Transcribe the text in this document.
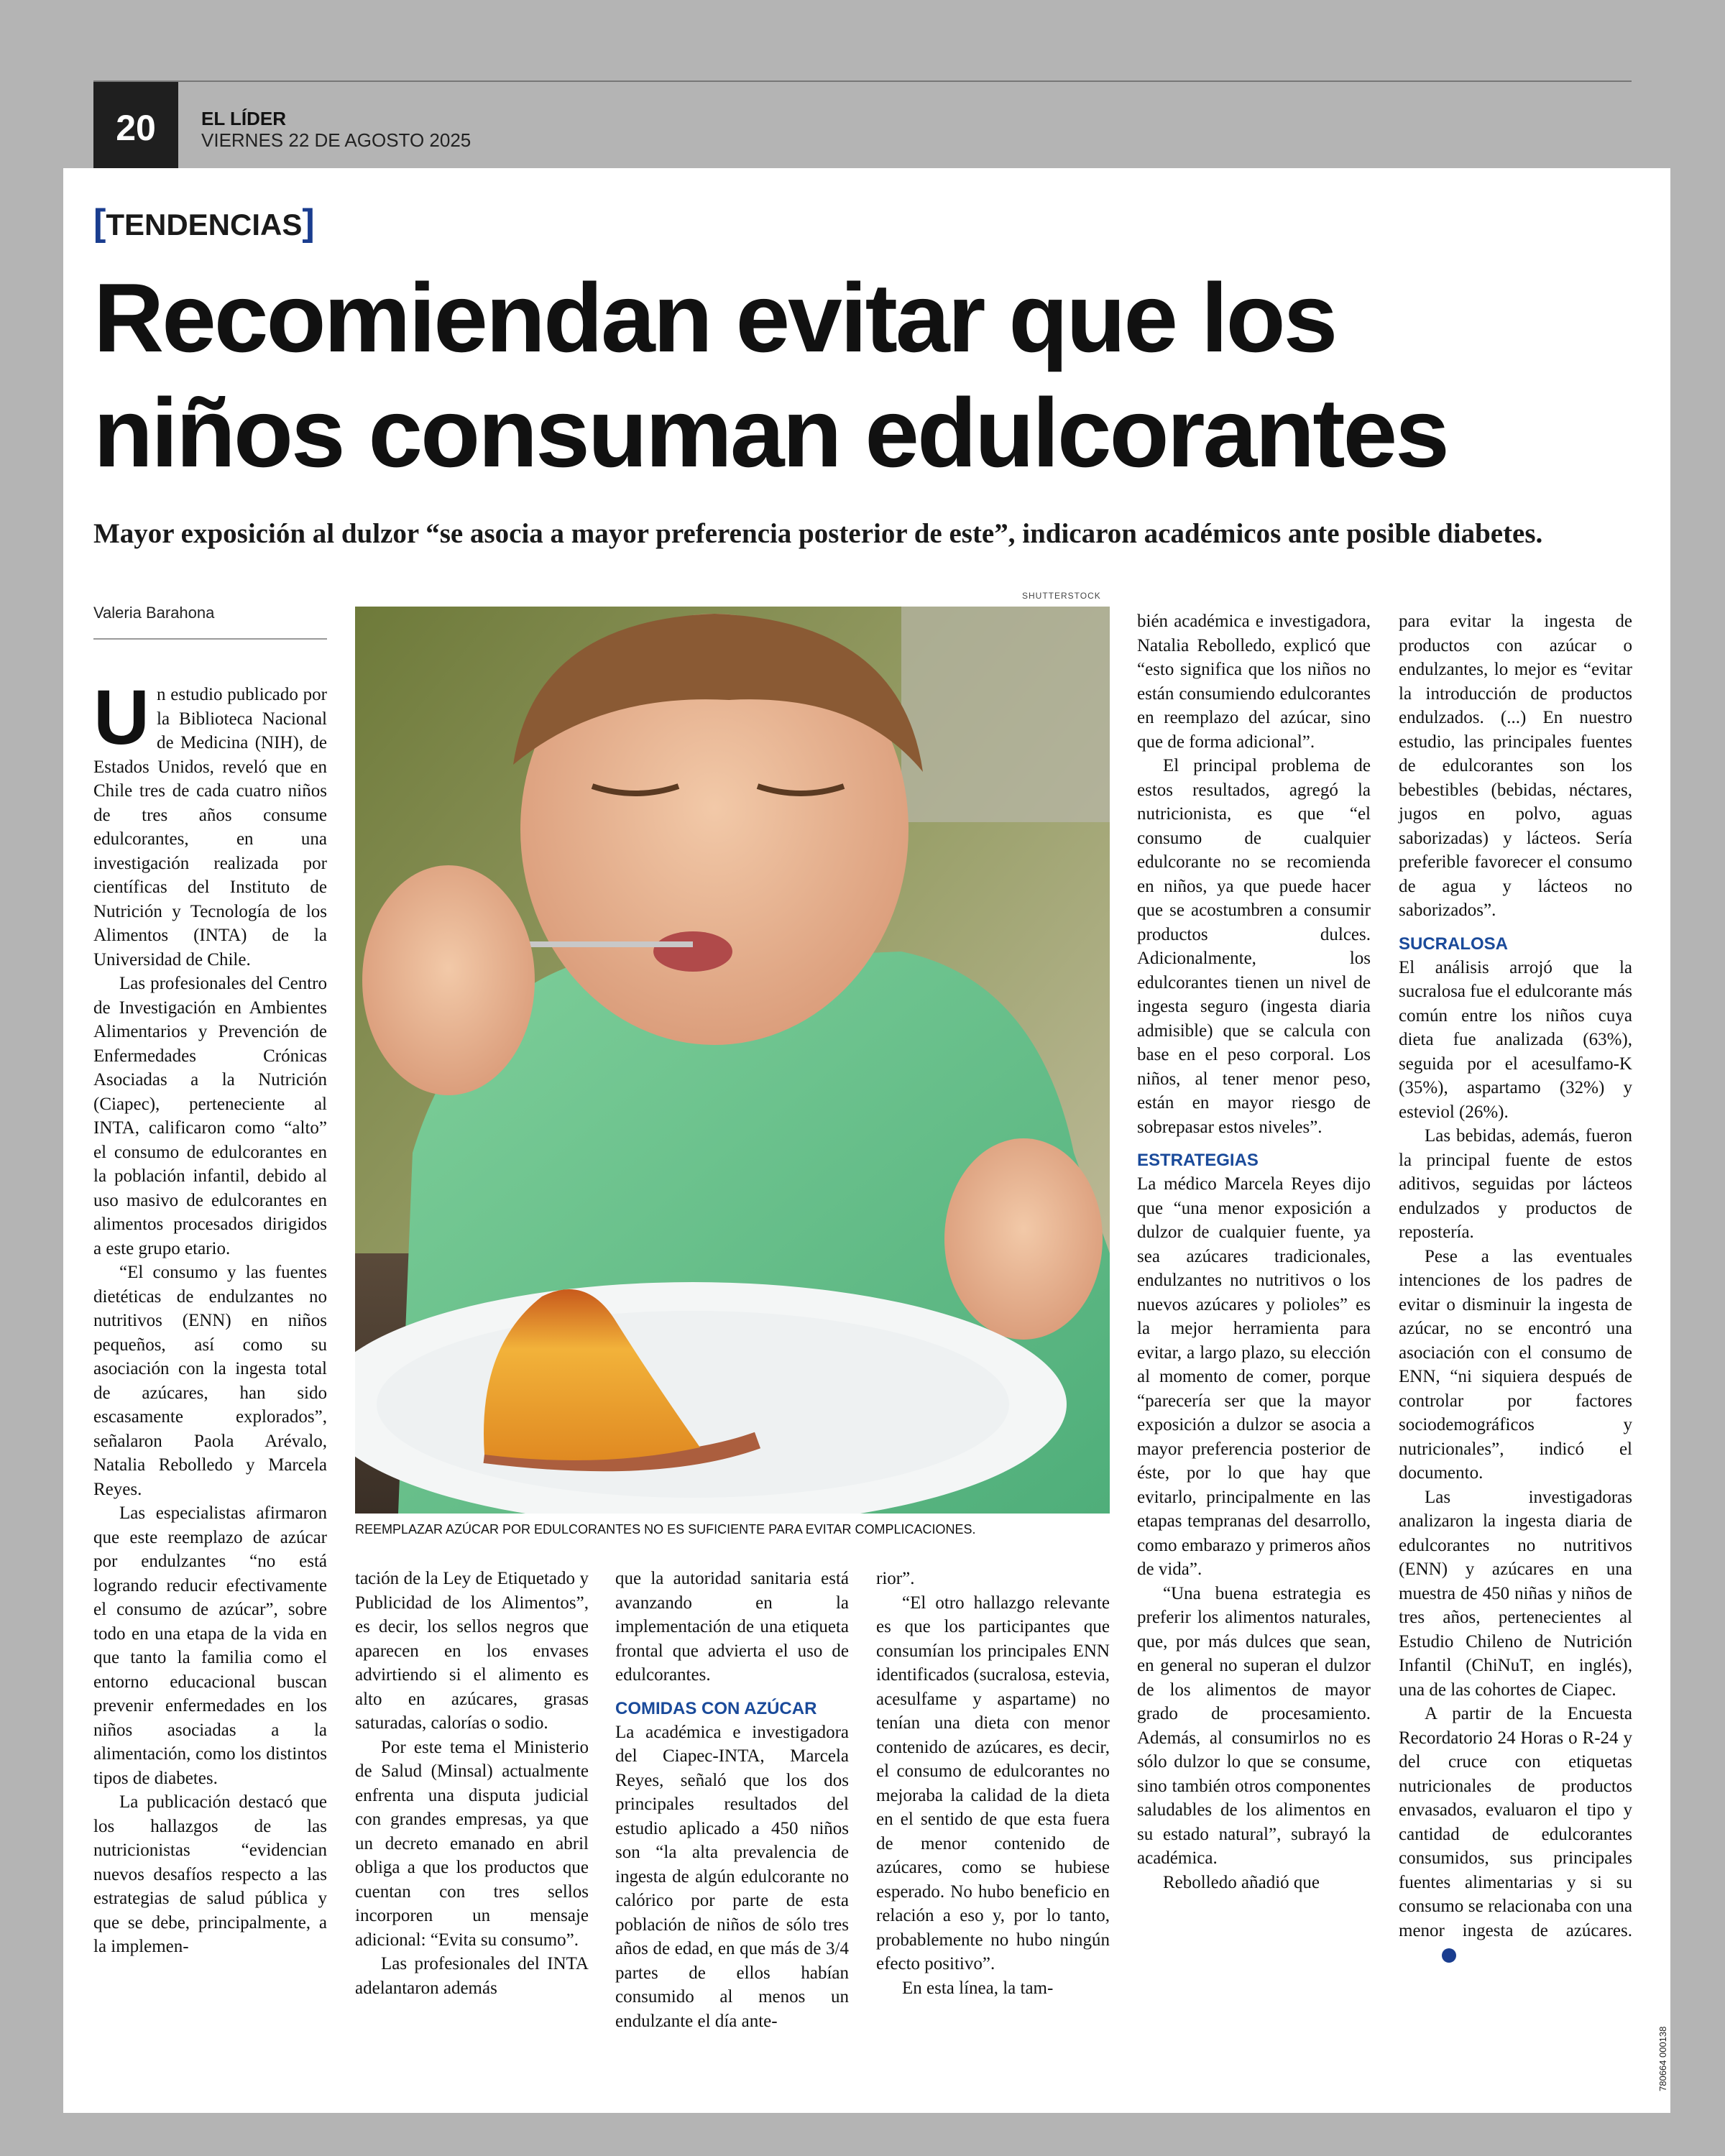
20	EL LÍDER
VIERNES 22 DE AGOSTO 2025
[TENDENCIAS]
Recomiendan evitar que los
niños consuman edulcorantes
Mayor exposición al dulzor “se asocia a mayor preferencia posterior de este”, indicaron académicos ante posible diabetes.
Valeria Barahona
SHUTTERSTOCK
REEMPLAZAR AZÚCAR POR EDULCORANTES NO ES SUFICIENTE PARA EVITAR COMPLICACIONES.

Un estudio publicado por la Biblioteca Nacional de Medicina (NIH), de Estados Unidos, reveló que en Chile tres de cada cuatro niños de tres años consume edulcorantes, en una investigación realizada por científicas del Instituto de Nutrición y Tecnología de los Alimentos (INTA) de la Universidad de Chile.

Las profesionales del Centro de Investigación en Ambientes Alimentarios y Prevención de Enfermedades Crónicas Asociadas a la Nutrición (Ciapec), perteneciente al INTA, calificaron como “alto” el consumo de edulcorantes en la población infantil, debido al uso masivo de edulcorantes en alimentos procesados dirigidos a este grupo etario.

“El consumo y las fuentes dietéticas de endulzantes no nutritivos (ENN) en niños pequeños, así como su asociación con la ingesta total de azúcares, han sido escasamente explorados”, señalaron Paola Arévalo, Natalia Rebolledo y Marcela Reyes.

Las especialistas afirmaron que este reemplazo de azúcar por endulzantes “no está logrando reducir efectivamente el consumo de azúcar”, sobre todo en una etapa de la vida en que tanto la familia como el entorno educacional buscan prevenir enfermedades en los niños asociadas a la alimentación, como los distintos tipos de diabetes.

La publicación destacó que los hallazgos de las nutricionistas “evidencian nuevos desafíos respecto a las estrategias de salud pública y que se debe, principalmente, a la implemen-

tación de la Ley de Etiquetado y Publicidad de los Alimentos”, es decir, los sellos negros que aparecen en los envases advirtiendo si el alimento es alto en azúcares, grasas saturadas, calorías o sodio.

Por este tema el Ministerio de Salud (Minsal) actualmente enfrenta una disputa judicial con grandes empresas, ya que un decreto emanado en abril obliga a que los productos que cuentan con tres sellos incorporen un mensaje adicional: “Evita su consumo”.

Las profesionales del INTA adelantaron además

que la autoridad sanitaria está avanzando en la implementación de una etiqueta frontal que advierta el uso de edulcorantes.

COMIDAS CON AZÚCAR

La académica e investigadora del Ciapec-INTA, Marcela Reyes, señaló que los dos principales resultados del estudio aplicado a 450 niños son “la alta prevalencia de ingesta de algún edulcorante no calórico por parte de esta población de niños de sólo tres años de edad, en que más de 3/4 partes de ellos habían consumido al menos un endulzante el día ante-

rior”.

“El otro hallazgo relevante es que los participantes que consumían los principales ENN identificados (sucralosa, estevia, acesulfame y aspartame) no tenían una dieta con menor contenido de azúcares, es decir, el consumo de edulcorantes no mejoraba la calidad de la dieta en el sentido de que esta fuera de menor contenido de azúcares, como se hubiese esperado. No hubo beneficio en relación a eso y, por lo tanto, probablemente no hubo ningún efecto positivo”.

En esta línea, la tam-

bién académica e investigadora, Natalia Rebolledo, explicó que “esto significa que los niños no están consumiendo edulcorantes en reemplazo del azúcar, sino que de forma adicional”.

El principal problema de estos resultados, agregó la nutricionista, es que “el consumo de cualquier edulcorante no se recomienda en niños, ya que puede hacer que se acostumbren a consumir productos dulces. Adicionalmente, los edulcorantes tienen un nivel de ingesta seguro (ingesta diaria admisible) que se calcula con base en el peso corporal. Los niños, al tener menor peso, están en mayor riesgo de sobrepasar estos niveles”.

ESTRATEGIAS

La médico Marcela Reyes dijo que “una menor exposición a dulzor de cualquier fuente, ya sea azúcares tradicionales, endulzantes no nutritivos o los nuevos azúcares y polioles” es la mejor herramienta para evitar, a largo plazo, su elección al momento de comer, porque “parecería ser que la mayor exposición a dulzor se asocia a mayor preferencia posterior de éste, por lo que hay que evitarlo, principalmente en las etapas tempranas del desarrollo, como embarazo y primeros años de vida”.

“Una buena estrategia es preferir los alimentos naturales, que, por más dulces que sean, en general no superan el dulzor de los alimentos de mayor grado de procesamiento. Además, al consumirlos no es sólo dulzor lo que se consume, sino también otros componentes saludables de los alimentos en su estado natural”, subrayó la académica.

Rebolledo añadió que

para evitar la ingesta de productos con azúcar o endulzantes, lo mejor es “evitar la introducción de productos endulzados. (...) En nuestro estudio, las principales fuentes de edulcorantes son los bebestibles (bebidas, néctares, jugos en polvo, aguas saborizadas) y lácteos. Sería preferible favorecer el consumo de agua y lácteos no saborizados”.

SUCRALOSA

El análisis arrojó que la sucralosa fue el edulcorante más común entre los niños cuya dieta fue analizada (63%), seguida por el acesulfamo-K (35%), aspartamo (32%) y esteviol (26%).

Las bebidas, además, fueron la principal fuente de estos aditivos, seguidas por lácteos endulzados y productos de repostería.

Pese a las eventuales intenciones de los padres de evitar o disminuir la ingesta de azúcar, no se encontró una asociación con el consumo de ENN, “ni siquiera después de controlar por factores sociodemográficos y nutricionales”, indicó el documento.

Las investigadoras analizaron la ingesta diaria de edulcorantes no nutritivos (ENN) y azúcares en una muestra de 450 niñas y niños de tres años, pertenecientes al Estudio Chileno de Nutrición Infantil (ChiNuT, en inglés), una de las cohortes de Ciapec.

A partir de la Encuesta Recordatorio 24 Horas o R-24 y del cruce con etiquetas nutricionales de productos envasados, evaluaron el tipo y cantidad de edulcorantes consumidos, sus principales fuentes alimentarias y si su consumo se relacionaba con una menor ingesta de azúcares.

780664 000138
